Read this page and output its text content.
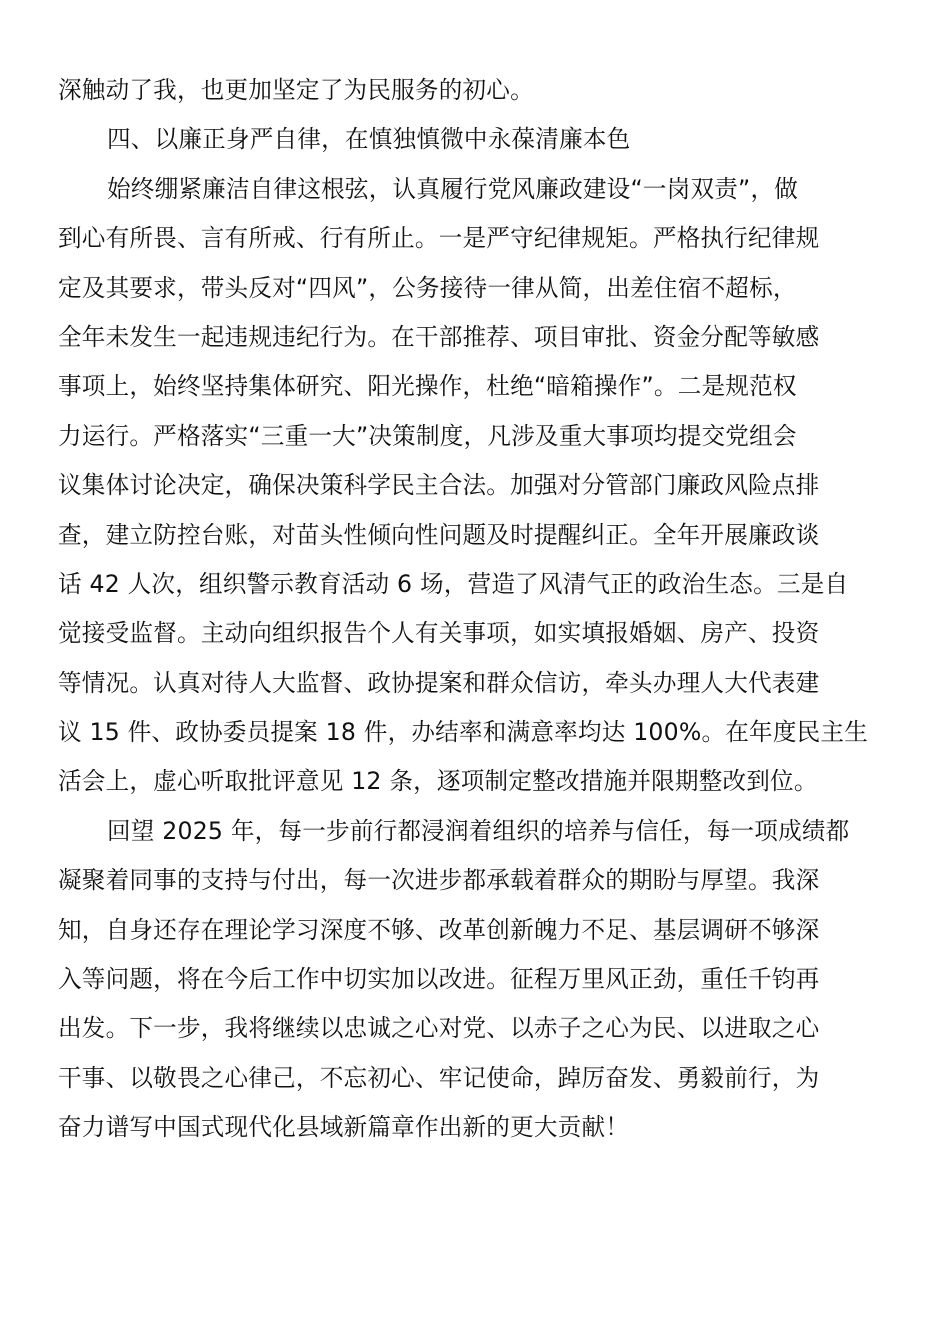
深触动了我，也更加坚定了为民服务的初心。
四、以廉正身严自律，在慎独慎微中永葆清廉本色
始终绷紧廉洁自律这根弦，认真履行党风廉政建设“一岗双责”，做
到心有所畏、言有所戒、行有所止。一是严守纪律规矩。严格执行纪律规
定及其要求，带头反对“四风”，公务接待一律从简，出差住宿不超标，
全年未发生一起违规违纪行为。在干部推荐、项目审批、资金分配等敏感
事项上，始终坚持集体研究、阳光操作，杜绝“暗箱操作”。二是规范权
力运行。严格落实“三重一大”决策制度，凡涉及重大事项均提交党组会
议集体讨论决定，确保决策科学民主合法。加强对分管部门廉政风险点排
查，建立防控台账，对苗头性倾向性问题及时提醒纠正。全年开展廉政谈
话 42 人次，组织警示教育活动 6 场，营造了风清气正的政治生态。三是自
觉接受监督。主动向组织报告个人有关事项，如实填报婚姻、房产、投资
等情况。认真对待人大监督、政协提案和群众信访，牵头办理人大代表建
议 15 件、政协委员提案 18 件，办结率和满意率均达 100%。在年度民主生
活会上，虚心听取批评意见 12 条，逐项制定整改措施并限期整改到位。
回望 2025 年，每一步前行都浸润着组织的培养与信任，每一项成绩都
凝聚着同事的支持与付出，每一次进步都承载着群众的期盼与厚望。我深
知，自身还存在理论学习深度不够、改革创新魄力不足、基层调研不够深
入等问题，将在今后工作中切实加以改进。征程万里风正劲，重任千钧再
出发。下一步，我将继续以忠诚之心对党、以赤子之心为民、以进取之心
干事、以敬畏之心律己，不忘初心、牢记使命，踔厉奋发、勇毅前行，为
奋力谱写中国式现代化县域新篇章作出新的更大贡献！
